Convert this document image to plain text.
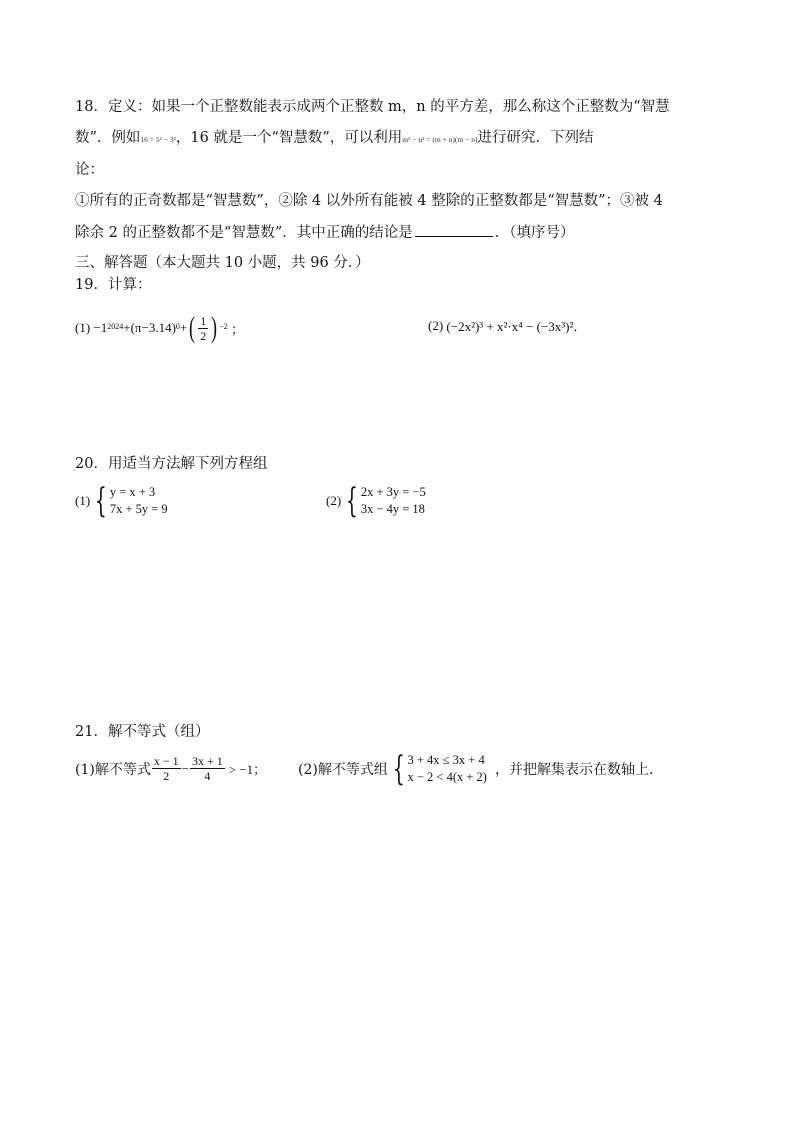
18．定义：如果一个正整数能表示成两个正整数 m，n 的平方差，那么称这个正整数为“智慧
数”．例如16 = 5² − 3²，16 就是一个“智慧数”，可以利用m² − n² = (m + n)(m − n)进行研究．下列结
论：
①所有的正奇数都是“智慧数”，②除 4 以外所有能被 4 整除的正整数都是“智慧数”；③被 4
除余 2 的正整数都不是“智慧数”．其中正确的结论是	．（填序号）
三、解答题（本大题共 10 小题，共 96 分．）
19．计算：
(1)
−1 2024 +(π−3.14) 0 + ( $\frac{1}{2}$ ) −2
；	(2)
(−2x²)³ + x²·x⁴ − (−3x³)²．
20．用适当方法解下列方程组
(1) { y = x + 3
7x + 5y = 9
(2) { 2x + 3y = −5
3x − 4y = 18
21．解不等式（组）
(1)解不等式 $\frac{x - 1}{2} - \frac{3x + 1}{4} > -1$； (2)解不等式组 { 3 + 4x ≤ 3x + 4
x − 2 < 4(x + 2) ，并把解集表示在数轴上．
